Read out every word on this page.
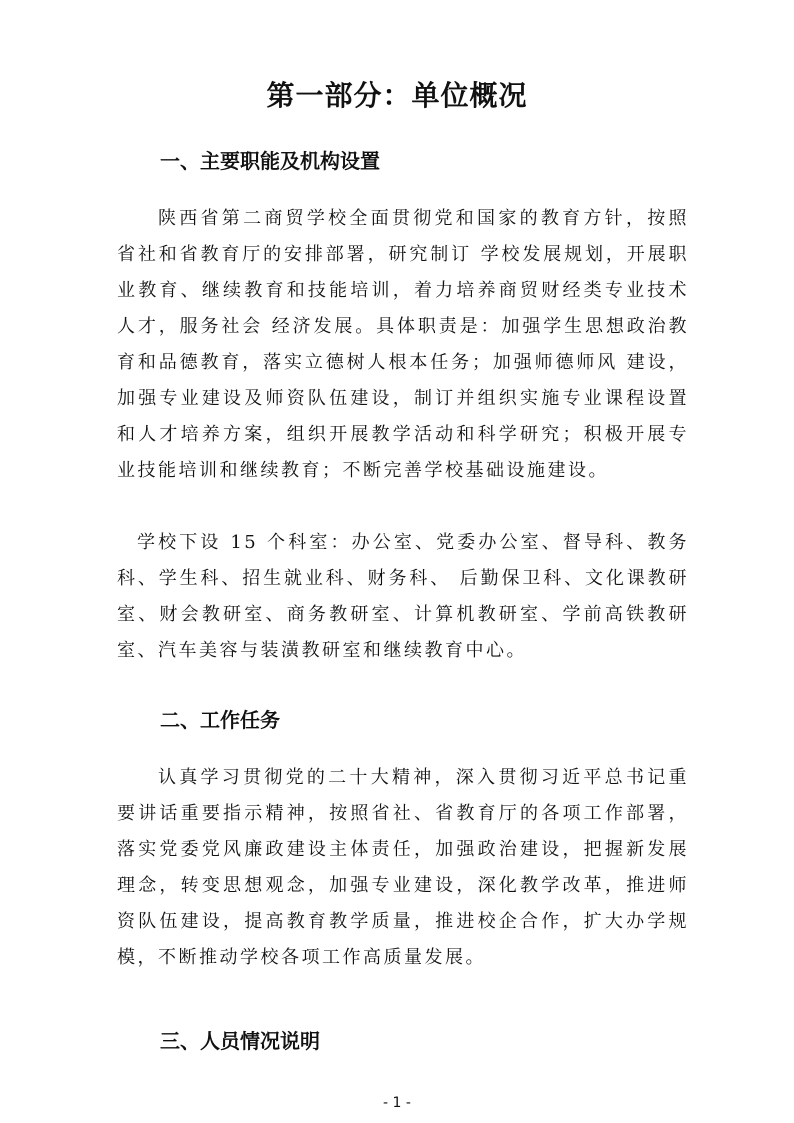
第一部分：单位概况
一、主要职能及机构设置

陕西省第二商贸学校全面贯彻党和国家的教育方针，按照省社和省教育厅的安排部署，研究制订 学校发展规划，开展职业教育、继续教育和技能培训，着力培养商贸财经类专业技术人才，服务社会 经济发展。具体职责是：加强学生思想政治教育和品德教育，落实立德树人根本任务；加强师德师风 建设，加强专业建设及师资队伍建设，制订并组织实施专业课程设置和人才培养方案，组织开展教学活动和科学研究；积极开展专业技能培训和继续教育；不断完善学校基础设施建设。

学校下设 15 个科室：办公室、党委办公室、督导科、教务科、学生科、招生就业科、财务科、 后勤保卫科、文化课教研室、财会教研室、商务教研室、计算机教研室、学前高铁教研室、汽车美容与装潢教研室和继续教育中心。

二、工作任务

认真学习贯彻党的二十大精神，深入贯彻习近平总书记重要讲话重要指示精神，按照省社、省教育厅的各项工作部署，落实党委党风廉政建设主体责任，加强政治建设，把握新发展理念，转变思想观念，加强专业建设，深化教学改革，推进师资队伍建设，提高教育教学质量，推进校企合作，扩大办学规模，不断推动学校各项工作高质量发展。

三、人员情况说明
- 1 -
